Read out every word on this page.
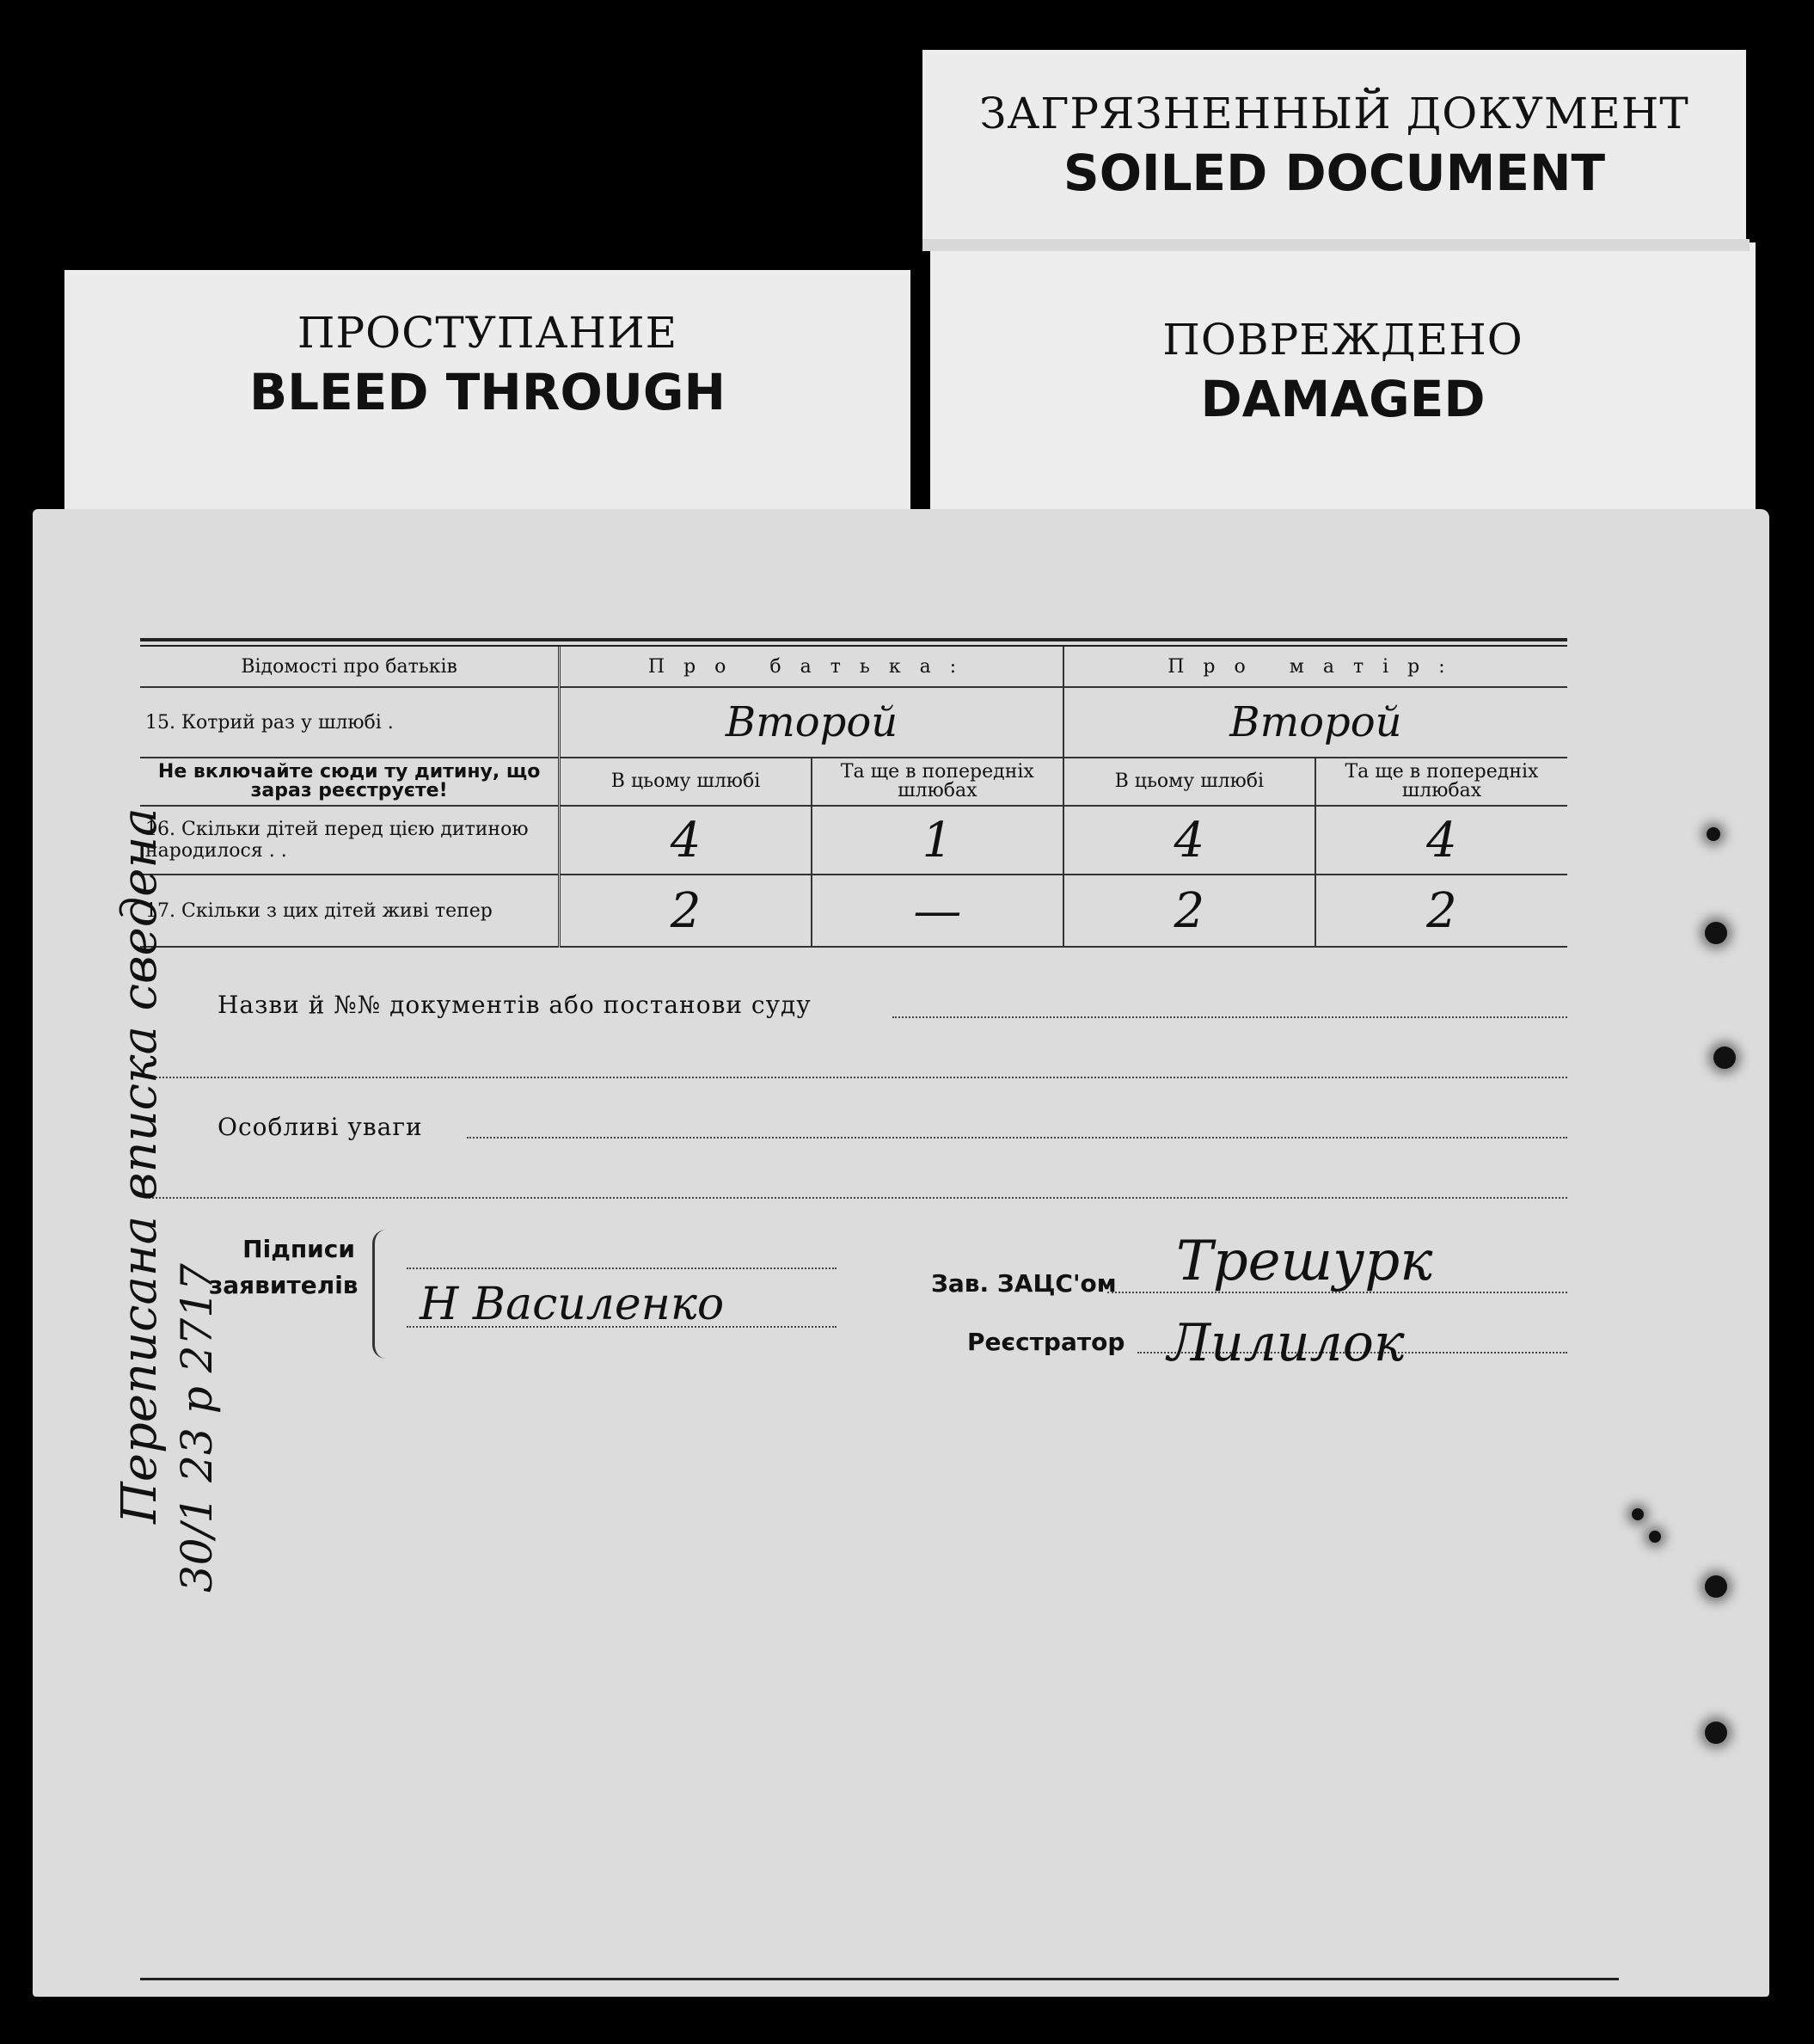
ЗАГРЯЗНЕННЫЙ ДОКУМЕНТ
SOILED DOCUMENT
ПОВРЕЖДЕНО
DAMAGED
ПРОСТУПАНИЕ
BLEED THROUGH
Відомості про батьків	Про батька:		Про матір:	
15. Котрий раз у шлюбі .	Второй		Второй	
Не включайте сюди ту дитину, що зараз реєструєте!	В цьому шлюбі	Та ще в попередніх шлюбах	В цьому шлюбі	Та ще в попередніх шлюбах
16. Скільки дітей перед цією дитиною народилося . .	4	1	4	4
17. Скільки з цих дітей живі тепер	2	—	2	2
Назви й №№ документів або постанови суду
Особливі уваги
Підписи заявителів Н Василенко	Зав. ЗАЦС'ом Трешурк
Реєстратор Лилилок
Переписана вписка сведена 30/1 23 р 2717
